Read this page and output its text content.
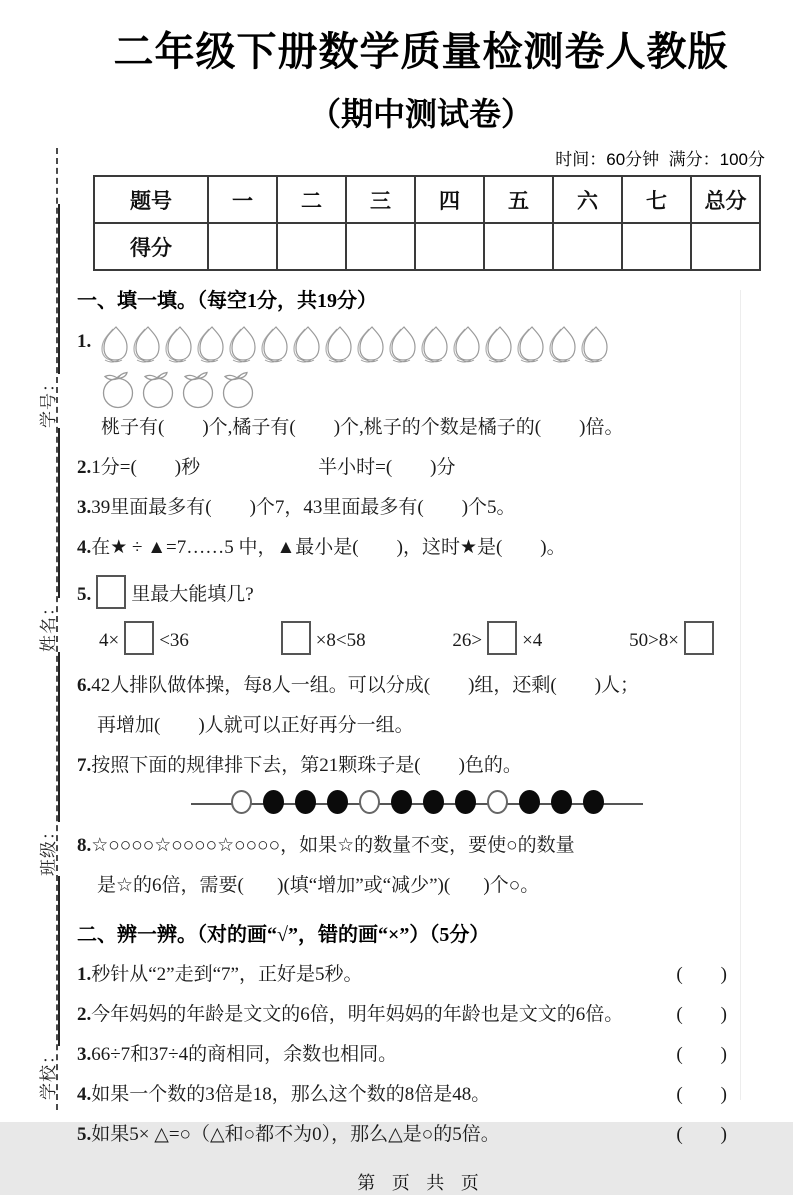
学校：
班级：
姓名：
学号：
二年级下册数学质量检测卷人教版
（期中测试卷）
时间：60分钟  满分：100分
题号	一	二	三	四	五	六	七	总分
得分								
一、填一填。（每空1分，共19分）
1.
桃子有(        )个,橘子有(        )个,桃子的个数是橘子的(        )倍。
2.1分=(        )秒	半小时=(        )分
3.39里面最多有(        )个7，43里面最多有(        )个5。
4.在★ ÷ ▲=7……5 中，▲最小是(        )，这时★是(        )。
5. 里最大能填几?
4× <36	×8<58	26> ×4	50>8×
6.42人排队做体操，每8人一组。可以分成(        )组，还剩(        )人；
再增加(        )人就可以正好再分一组。
7.按照下面的规律排下去，第21颗珠子是(        )色的。
8.☆○○○○☆○○○○☆○○○○，如果☆的数量不变，要使○的数量
是☆的6倍，需要(       )(填“增加”或“减少”)(       )个○。
二、辨一辨。（对的画“√”，错的画“×”）（5分）
1.秒针从“2”走到“7”，正好是5秒。	(        )
2.今年妈妈的年龄是文文的6倍，明年妈妈的年龄也是文文的6倍。	(        )
3.66÷7和37÷4的商相同，余数也相同。	(        )
4.如果一个数的3倍是18，那么这个数的8倍是48。	(        )
5.如果5× △=○（△和○都不为0），那么△是○的5倍。	(        )
第 页 共 页
